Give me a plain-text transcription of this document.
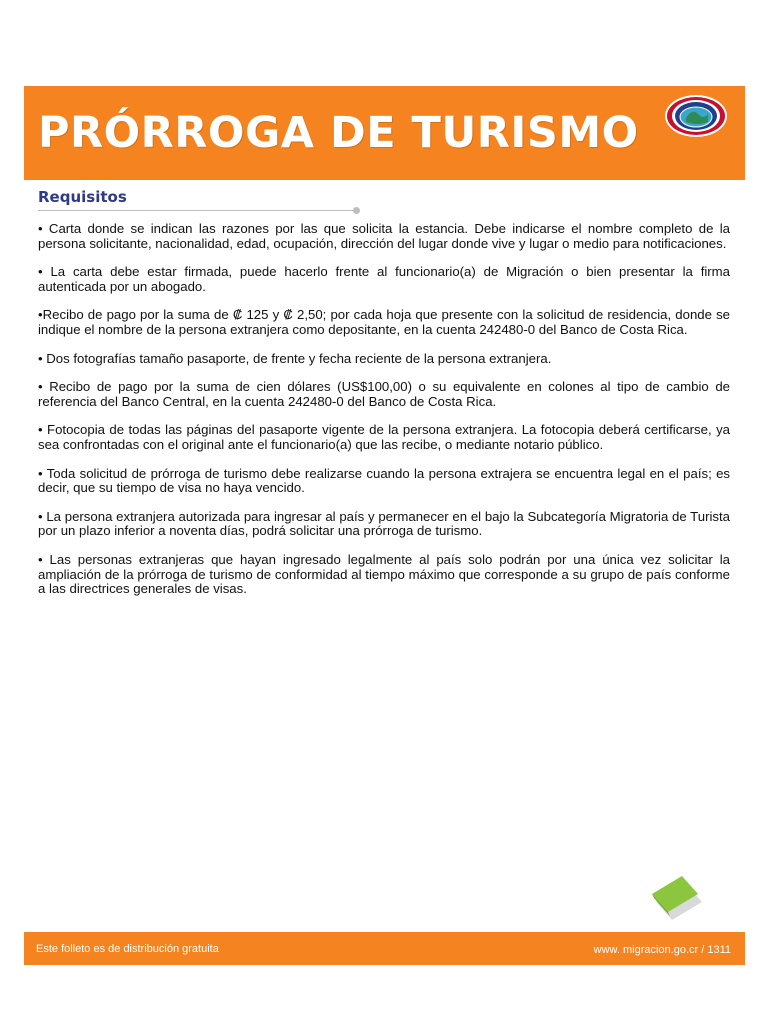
PRÓRROGA DE TURISMO
Requisitos

• Carta donde se indican las razones por las que solicita la estancia. Debe indicarse el nombre completo de la persona solicitante, nacionalidad, edad, ocupación, dirección del lugar donde vive y lugar o medio para notificaciones.

• La carta debe estar firmada, puede hacerlo frente al funcionario(a) de Migración o bien presentar la firma autenticada por un abogado.

•Recibo de pago por la suma de ₡ 125 y ₡ 2,50; por cada hoja que presente con la solicitud de residencia, donde se indique el nombre de la persona extranjera como depositante, en la cuenta 242480-0 del Banco de Costa Rica.

• Dos fotografías tamaño pasaporte, de frente y fecha reciente de la persona extranjera.

• Recibo de pago por la suma de cien dólares (US$100,00) o su equivalente en colones al tipo de cambio de referencia del Banco Central, en la cuenta 242480-0 del Banco de Costa Rica.

• Fotocopia de todas las páginas del pasaporte vigente de la persona extranjera. La fotocopia deberá certificarse, ya sea confrontadas con el original ante el funcionario(a) que las recibe, o mediante notario público.

• Toda solicitud de prórroga de turismo debe realizarse cuando la persona extrajera se encuentra legal en el país; es decir, que su tiempo de visa no haya vencido.

• La persona extranjera autorizada para ingresar al país y permanecer en el bajo la Subcategoría Migratoria de Turista por un plazo inferior a noventa días, podrá solicitar una prórroga de turismo.

• Las personas extranjeras que hayan ingresado legalmente al país solo podrán por una única vez solicitar la ampliación de la prórroga de turismo de conformidad al tiempo máximo que corresponde a su grupo de país conforme a las directrices generales de visas.

Este folleto es de distribución gratuita	www. migracion.go.cr / 1311
